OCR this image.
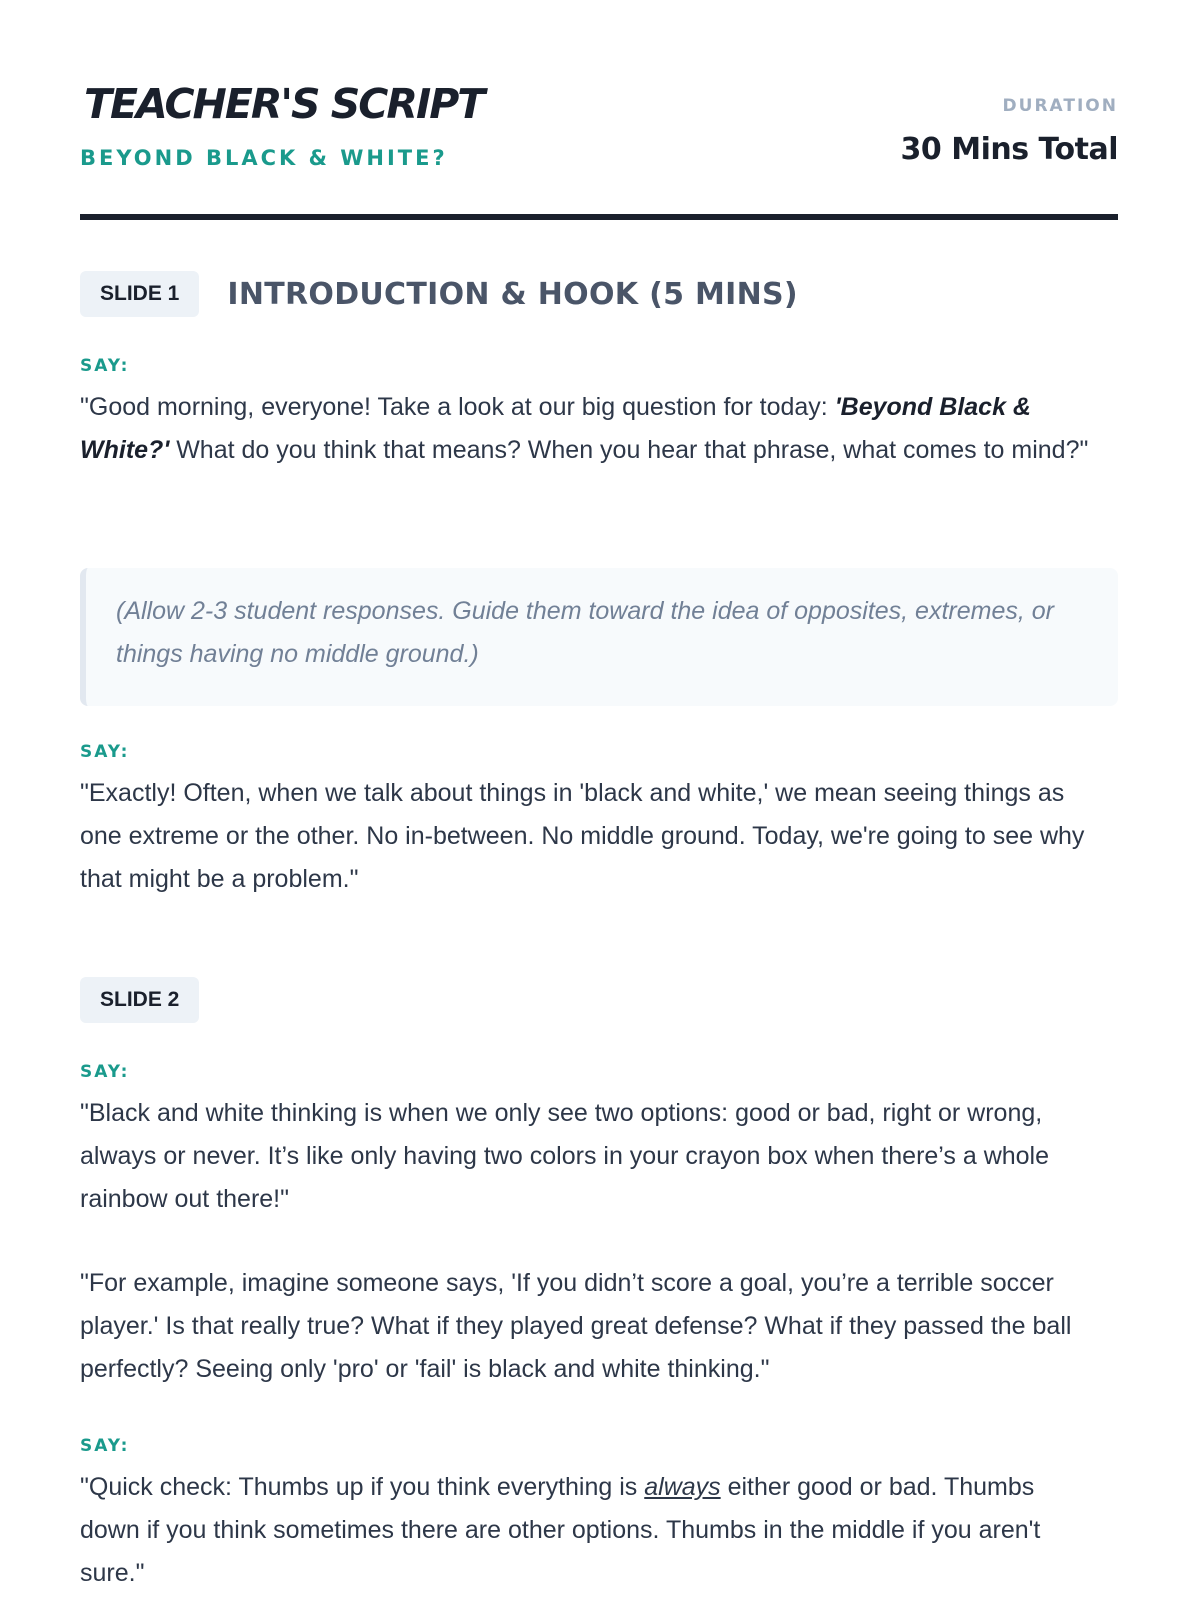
TEACHER'S SCRIPT
BEYOND BLACK & WHITE?
DURATION
30 Mins Total
SLIDE 1	INTRODUCTION & HOOK (5 MINS)
SAY:

"Good morning, everyone! Take a look at our big question for today: 'Beyond Black & White?' What do you think that means? When you hear that phrase, what comes to mind?"

(Allow 2-3 student responses. Guide them toward the idea of opposites, extremes, or things having no middle ground.)

SAY:

"Exactly! Often, when we talk about things in 'black and white,' we mean seeing things as one extreme or the other. No in-between. No middle ground. Today, we're going to see why that might be a problem."

SLIDE 2
SAY:

"Black and white thinking is when we only see two options: good or bad, right or wrong, always or never. It’s like only having two colors in your crayon box when there’s a whole rainbow out there!"

"For example, imagine someone says, 'If you didn’t score a goal, you’re a terrible soccer player.' Is that really true? What if they played great defense? What if they passed the ball perfectly? Seeing only 'pro' or 'fail' is black and white thinking."

SAY:

"Quick check: Thumbs up if you think everything is always either good or bad. Thumbs down if you think sometimes there are other options. Thumbs in the middle if you aren't sure."
